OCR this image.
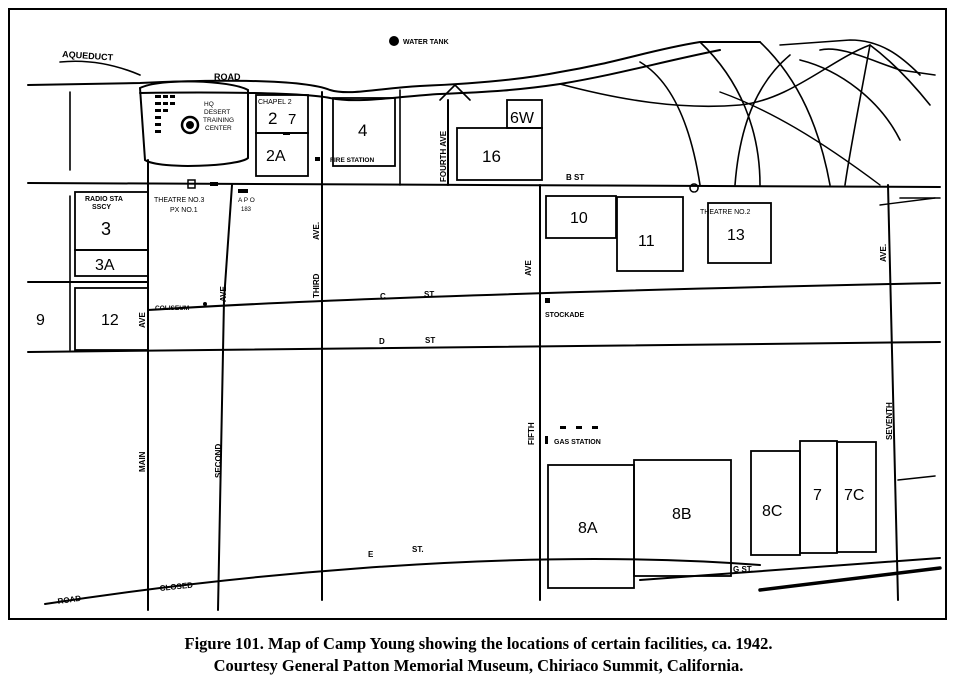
AQUEDUCT
ROAD
WATER TANK
HQ
DESERT
TRAINING
CENTER
CHAPEL 2
2 7
2A
4
FIRE STATION
6W
16
FOURTH AVE	B ST
RADIO STA
SSCY
3
3A
THEATRE NO.3
PX NO.1
A P O
183
9	12 AVE
COLISEUM
AVE	THIRD
AVE.
C	ST
D	ST
AVE
STOCKADE
10
11
THEATRE NO.2
13
AVE.
MAIN	SECOND
FIFTH	SEVENTH
GAS STATION
8A
8B	8C
7 7C
E
ST.
G ST.
ROAD
CLOSED
Figure 101. Map of Camp Young showing the locations of certain facilities, ca. 1942.
Courtesy General Patton Memorial Museum, Chiriaco Summit, California.
